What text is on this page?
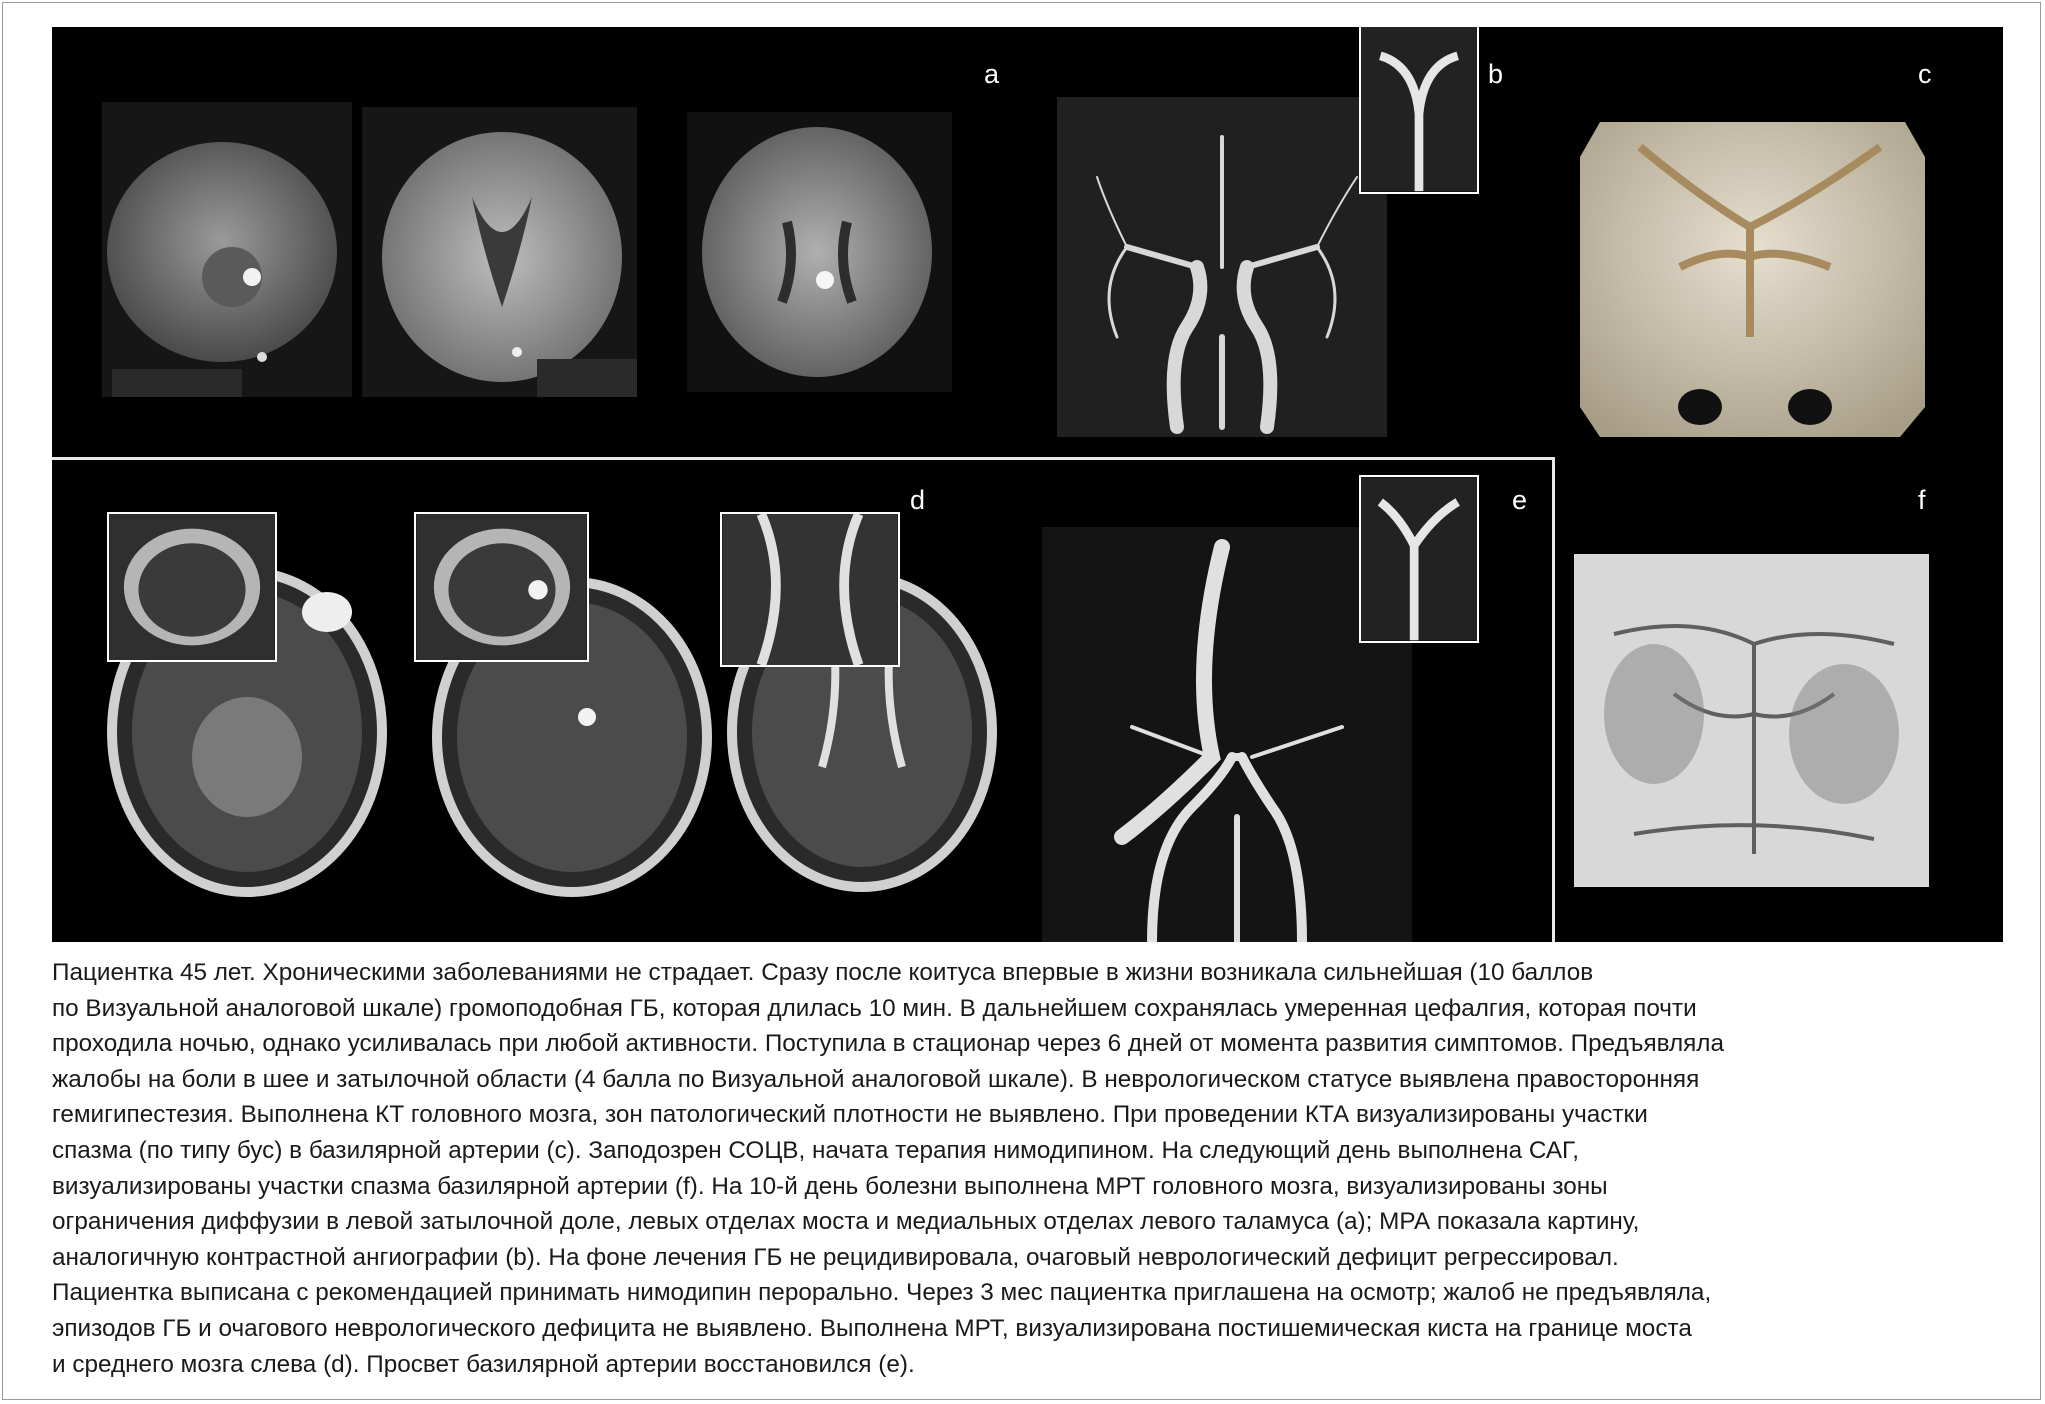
a	b	c
d	e	f
Пациентка 45 лет. Хроническими заболеваниями не страдает. Сразу после коитуса впервые в жизни возникала сильнейшая (10 баллов
по Визуальной аналоговой шкале) громоподобная ГБ, которая длилась 10 мин. В дальнейшем сохранялась умеренная цефалгия, которая почти
проходила ночью, однако усиливалась при любой активности. Поступила в стационар через 6 дней от момента развития симптомов. Предъявляла
жалобы на боли в шее и затылочной области (4 балла по Визуальной аналоговой шкале). В неврологическом статусе выявлена правосторонняя
гемигипестезия. Выполнена КТ головного мозга, зон патологический плотности не выявлено. При проведении КТА визуализированы участки
спазма (по типу бус) в базилярной артерии (c). Заподозрен СОЦВ, начата терапия нимодипином. На следующий день выполнена САГ,
визуализированы участки спазма базилярной артерии (f). На 10-й день болезни выполнена МРТ головного мозга, визуализированы зоны
ограничения диффузии в левой затылочной доле, левых отделах моста и медиальных отделах левого таламуса (a); МРА показала картину,
аналогичную контрастной ангиографии (b). На фоне лечения ГБ не рецидивировала, очаговый неврологический дефицит регрессировал.
Пациентка выписана с рекомендацией принимать нимодипин перорально. Через 3 мес пациентка приглашена на осмотр; жалоб не предъявляла,
эпизодов ГБ и очагового неврологического дефицита не выявлено. Выполнена МРТ, визуализирована постишемическая киста на границе моста
и среднего мозга слева (d). Просвет базилярной артерии восстановился (e).
